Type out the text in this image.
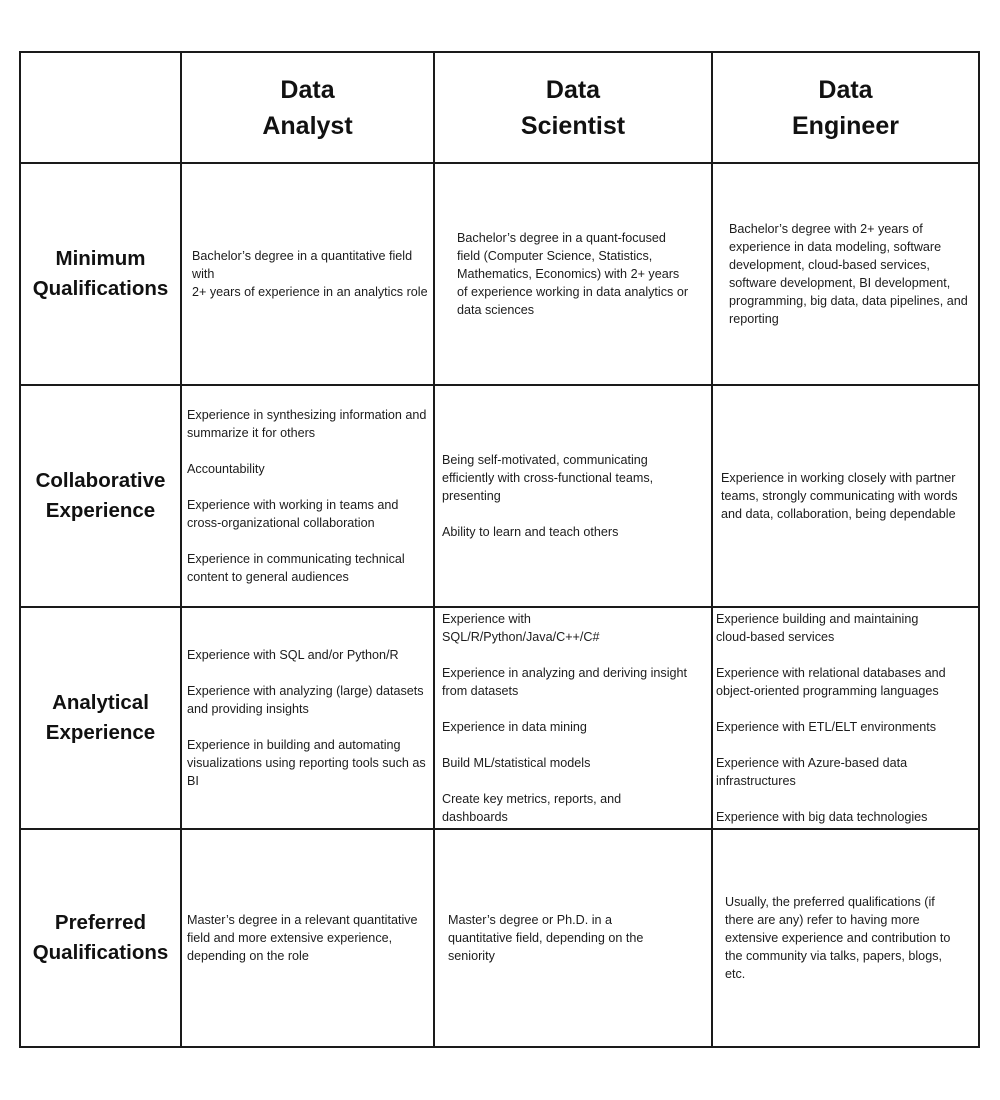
Data
Analyst
Data
Scientist
Data
Engineer
Minimum
Qualifications
Bachelor’s degree in a quantitative field with
2+ years of experience in an analytics role
Bachelor’s degree in a quant-focused field (Computer Science, Statistics, Mathematics, Economics) with 2+ years of experience working in data analytics or data sciences
Bachelor’s degree with 2+ years of experience in data modeling, software development, cloud-based services, software development, BI development, programming, big data, data pipelines, and reporting
Collaborative
Experience
Experience in synthesizing information and summarize it for others
Accountability
Experience with working in teams and cross-organizational collaboration
Experience in communicating technical content to general audiences
Being self-motivated, communicating efficiently with cross-functional teams, presenting
Ability to learn and teach others
Experience in working closely with partner teams, strongly communicating with words and data, collaboration, being dependable
Analytical
Experience
Experience with SQL and/or Python/R
Experience with analyzing (large) datasets and providing insights
Experience in building and automating visualizations using reporting tools such as BI
Experience with SQL/R/Python/Java/C++/C#
Experience in analyzing and deriving insight from datasets
Experience in data mining
Build ML/statistical models
Create key metrics, reports, and dashboards
Experience building and maintaining cloud-based services
Experience with relational databases and object-oriented programming languages
Experience with ETL/ELT environments
Experience with Azure-based data infrastructures
Experience with big data technologies
Preferred
Qualifications
Master’s degree in a relevant quantitative field and more extensive experience, depending on the role
Master’s degree or Ph.D. in a quantitative field, depending on the seniority
Usually, the preferred qualifications (if there are any) refer to having more extensive experience and contribution to the community via talks, papers, blogs, etc.
